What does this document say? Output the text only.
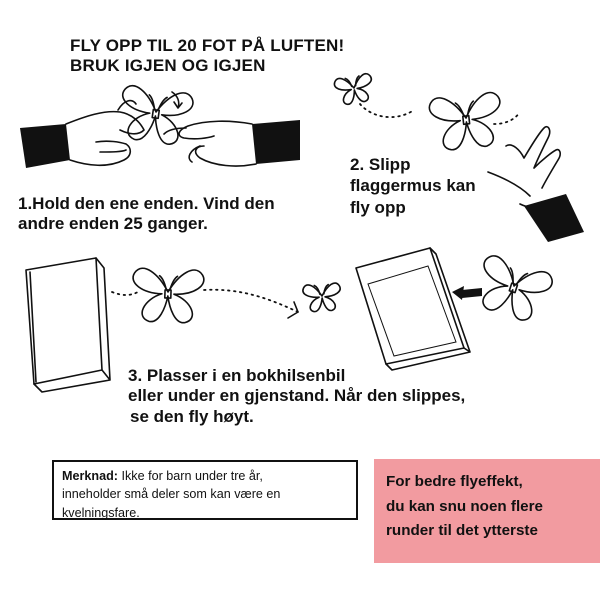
FLY OPP TIL 20 FOT PÅ LUFTEN!
BRUK IGJEN OG IGJEN
1.Hold den ene enden. Vind den
andre enden 25 ganger.
2. Slipp
flaggermus kan
fly opp
3. Plasser i en bokhilsenbil
eller under en gjenstand. Når den slippes,
se den fly høyt.
Merknad: Ikke for barn under tre år,
inneholder små deler som kan være en
kvelningsfare.
For bedre flyeffekt,
du kan snu noen flere
runder til det ytterste
